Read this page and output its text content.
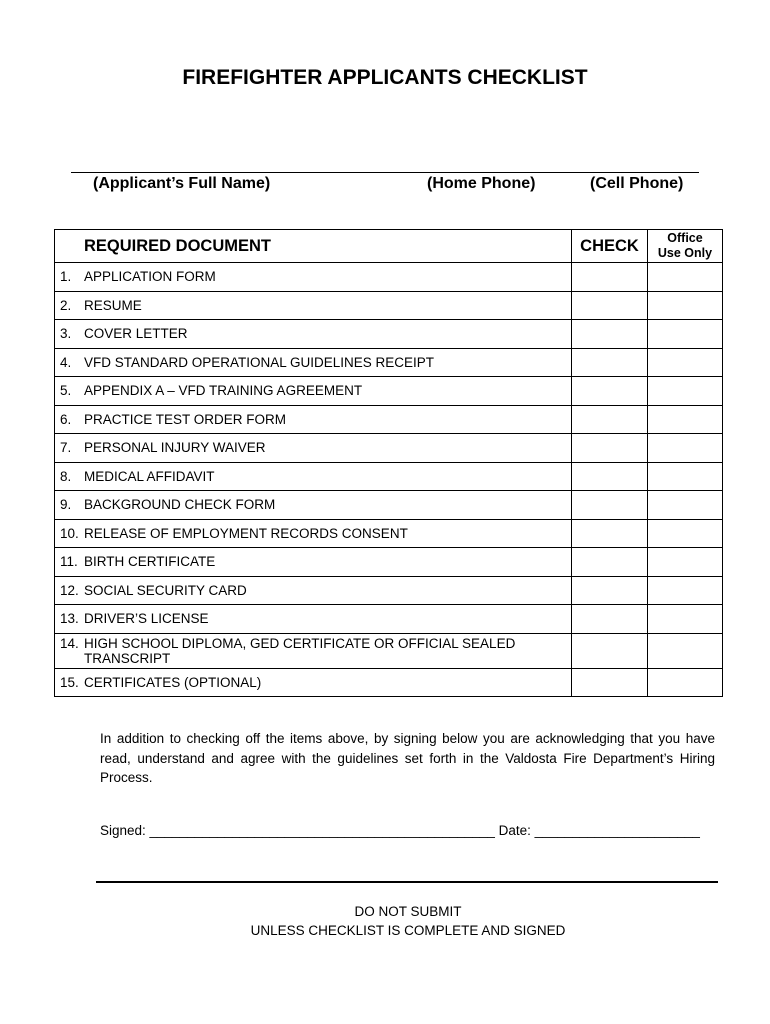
FIREFIGHTER APPLICANTS CHECKLIST
(Applicant’s Full Name)	(Home Phone)	(Cell Phone)
REQUIRED DOCUMENT	CHECK	Office
Use Only

1. APPLICATION FORM		

2. RESUME		

3. COVER LETTER		

4. VFD STANDARD OPERATIONAL GUIDELINES RECEIPT		

5. APPENDIX A – VFD TRAINING AGREEMENT		

6. PRACTICE TEST ORDER FORM		

7. PERSONAL INJURY WAIVER		

8. MEDICAL AFFIDAVIT		

9. BACKGROUND CHECK FORM		

10. RELEASE OF EMPLOYMENT RECORDS CONSENT		

11. BIRTH CERTIFICATE		

12. SOCIAL SECURITY CARD		

13. DRIVER’S LICENSE		

14. HIGH SCHOOL DIPLOMA, GED CERTIFICATE OR OFFICIAL SEALED TRANSCRIPT		

15. CERTIFICATES (OPTIONAL)		

In addition to checking off the items above, by signing below you are acknowledging that you have read, understand and agree with the guidelines set forth in the Valdosta Fire Department’s Hiring Process.
Signed: ______________________________________________ Date: ______________________
DO NOT SUBMIT
UNLESS CHECKLIST IS COMPLETE AND SIGNED
